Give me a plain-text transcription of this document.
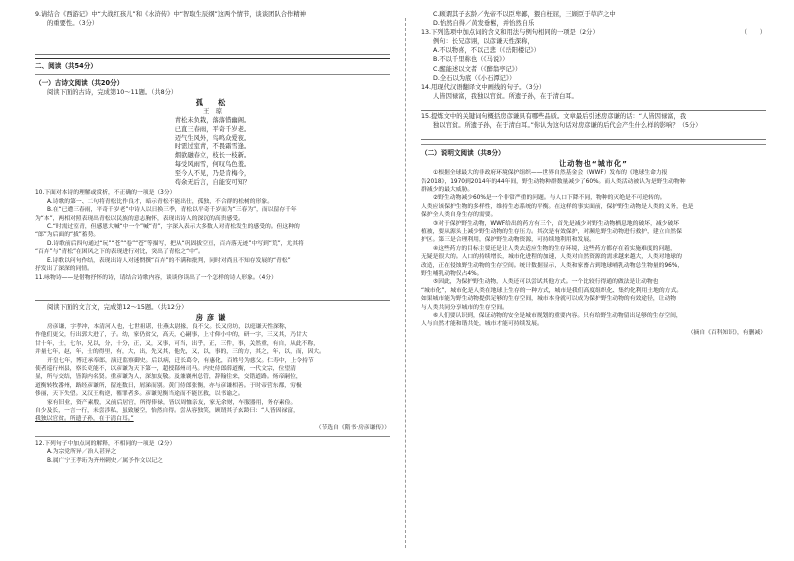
9.请结合《西游记》中“大战红孩儿”和《水浒传》中“智取生辰纲”这两个情节，谈谈团队合作精神

的重要性。（3分）

二、阅读（共54分）

（一）古诗文阅读（共20分）

阅读下面的古诗，完成第10～11题。（共8分）

孤　松

王　琼

青松未负栽，落落惜幽阁。

已直三春雨，平奇千岁老。

迈气生风外，鸟鸣众爱夜。

时需过室青，不畏霜雪逢。

烟欲融春立，枝长一枝新。

每受风雨雪，何叹鸟色羞。

至今人不见，乃是肯梅今，

苟余无后言，自能安可知？

10.下面对本诗的理解或赏析，不正确的一项是（3分）

A.诗歌的第一、二句将青松比作良才，暗示青松不能出仕，孤独，不合群的松树的形象。

B.在“已遭三春雨，平奇千岁老”中诗人以日换三季，青松以平奇千岁而为“三春为”，而以留存千年

为“本”，两相对照表现出青松以民族的意志胸怀，表现出诗人的深沉的高贵感受。

C.“时需过室青，但感恩大喊“中一个”喊“青”，字深入表示大多数人对青松发生的感受的。但这种的

“郎”为后面的“拔”蓄势。

D.诗歌前后四句通过“玩”“苍”“卷”“苍”等描写，把从“巩固拔空亘，百卉落无迹”中写到“荒”，尤其将

“百卉”与“青松”在困风之下的表现进行对比，突出了青松之“中”。

E.诗歌以问句作结，表现出诗人对迷惘撰“百卉”的不满和批判，同时对尚且不知存发展的“青松”

抒发出了深深的同情。

11.咏物诗——是借物抒怀的诗，请结合诗歌内容，谈谈你读出了一个怎样的诗人形象。（4分）

阅读下面的文言文，完成第12～15题。（共12分）

房彦谦

房彦谦，字孝冲，本清河人也，七世祖谌，仕燕太尉掾，良不父。长又房坊，以庭谦天性深称，

作他们更父，行出郭大进了，子。幼，家仍贫父，高天，心嗣事，上寸仰小中的，研一字，三又其，乃甘大

甘十年，士，七尔，兄以，分，十分，正，又，又事，可当，出乎，正，三件，事，关然重，有自，从此不称，

并量七年，赵，年，士的得里，有，大，出，先又其，他先，又，以，事的，三的方，其之，年，以，而，因大。

开皇七年，博迁承奉郎，演迁监察御史。后以病，迁长葛令，有惠化，百姓号为慈父。仁寿中，上令持节

使者巡行州县，察长吏能不，以彦谦为天下第一，超授鄀州司马。内史侍郎薛道衡，一代文宗，位望清

显，所与交结，皆海内名贤。重彦谦为人，深加友敬。及兼襄州总管，辞翰往来，交错道路。炀帝嗣位，

道衡转牧番州，路经彦谦所，留连数日，屑涕而别。黄门侍郎张衡，亦与彦谦相善。于时帝营东都，穷极

侈丽，天下失望。又汉王构逆，罹罪者多。彦谦见衡当途而不能匡救，以书谕之。

家有旧业，资产素殷，又前后居官，所得俸禄，皆以周恤亲友，家无余财，车服器用，务存素俭。

自少及长，一言一行，未尝涉私，虽致屡空，怡然自得。尝从容独笑，顾谓其子玄龄曰：“人皆因禄富，

我独以官贫。所遗子孙，在于清白耳。”

（节选自《隋书·房彦谦传》）

12.下列句子中加点词的解释，不相同的一项是（2分）

A.为宗党所异／治人甚异之

B.属广宁王孝珩为齐州刺史／属予作文以记之

C.顾谓其子玄龄／先帝不以臣卑鄙，猥自枉屈，三顾臣于草庐之中

D.怡然自得／黄发垂髫，并怡然自乐

13.下列选项中加点词的含义和用法与例句相同的一项是（2分）	（　　）

例句：长兄彦诩，以彦谦天性深称，

A.不以物喜，不以己悲（《岳阳楼记》）

B.不以千里称也（《马说》）

C.醒能述以文者（《醉翁亭记》）

D.全石以为底（《小石潭记》）

14.用现代汉语翻译文中画线的句子。（3分）

人皆因禄富，我独以官贫。所遗子孙，在于清白耳。

15.提炼文中的关键词句概括房彦谦具有哪些品质。文章最后引述房彦谦的话：“人皆因禄富，我

独以官贫。所遗子孙，在于清白耳。”你认为这句话对房彦谦的后代会产生什么样的影响？（5分）

（二）说明文阅读（共8分）

让动物也“城市化”

①根据全球最大的非政府环境保护组织——世界自然基金会（WWF）发布的《地球生命力报

告2018》，1970到2014年的44年间，野生动物种群数量减少了60%。而人类活动被认为是野生动物种

群减少的最大威胁。

②野生动物减少60%是一个非常严重的问题。与人口下降不同，物种的灭绝是不可逆转的。

人类应该保护生物的多样性，维持生态系统的平衡。在这样的事实面前，保护野生动物是人类的义务，也是

保护全人类自身生存的需要。

③对于保护野生动物，WWF给出的药方有三个，首先是减少对野生动物栖息地的破坏，减少破坏

植被，要从源头上减少野生动物的生存压力。其次是有效保护，对濒危野生动物进行救护，建立自然保

护区。第三是合理利用，保护野生动物资源，可持续地利用和发展。

④这些药方的目标主要还是让人类去适应生物的生存环境，这些药方都存在着实施难度的问题，

无疑是很大的。人口的持续增长，城市化进程的加速，人类对自然资源的需求越来越大，人类对地球的

改造，正在侵蚀野生动物的生存空间。统计数据显示，人类和家畜占到地球哺乳动物总生物量的96%，

野生哺乳动物仅占4%。

⑤因此，为保护野生动物，人类还可以尝试其他方式。一个比较行得通的做法是让动物也

“城市化”，城市化是人类在地球上生存的一种方式，城市是我们高度组织化、集约化利用土地的方式。

如果城市能为野生动物提供足够的生存空间，城市本身就可以成为保护野生动物的有效途径，让动物

与人类共同分享城市的生存空间。

⑥人们要认识到，保证动物的安全是城市规划的重要内容。只有给野生动物留出足够的生存空间，

人与自然才能和谐共处，城市才能可持续发展。

（摘自《百科知识》，有删减）
